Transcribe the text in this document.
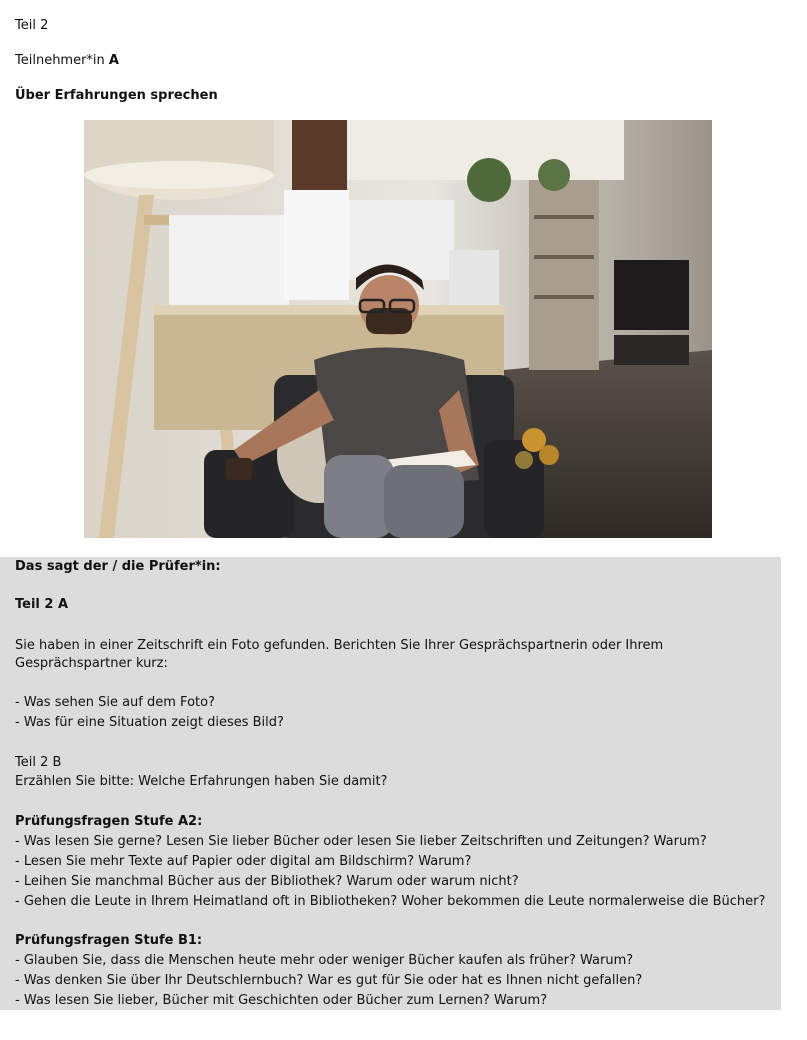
Teil 2
Teilnehmer*in A
Über Erfahrungen sprechen
Das sagt der / die Prüfer*in:
Teil 2 A
Sie haben in einer Zeitschrift ein Foto gefunden. Berichten Sie Ihrer Gesprächspartnerin oder Ihrem Gesprächspartner kurz:
- Was sehen Sie auf dem Foto?
- Was für eine Situation zeigt dieses Bild?
Teil 2 B
Erzählen Sie bitte: Welche Erfahrungen haben Sie damit?
Prüfungsfragen Stufe A2:
- Was lesen Sie gerne? Lesen Sie lieber Bücher oder lesen Sie lieber Zeitschriften und Zeitungen? Warum?
- Lesen Sie mehr Texte auf Papier oder digital am Bildschirm? Warum?
- Leihen Sie manchmal Bücher aus der Bibliothek? Warum oder warum nicht?
- Gehen die Leute in Ihrem Heimatland oft in Bibliotheken? Woher bekommen die Leute normalerweise die Bücher?
Prüfungsfragen Stufe B1:
- Glauben Sie, dass die Menschen heute mehr oder weniger Bücher kaufen als früher? Warum?
- Was denken Sie über Ihr Deutschlernbuch? War es gut für Sie oder hat es Ihnen nicht gefallen?
- Was lesen Sie lieber, Bücher mit Geschichten oder Bücher zum Lernen? Warum?
